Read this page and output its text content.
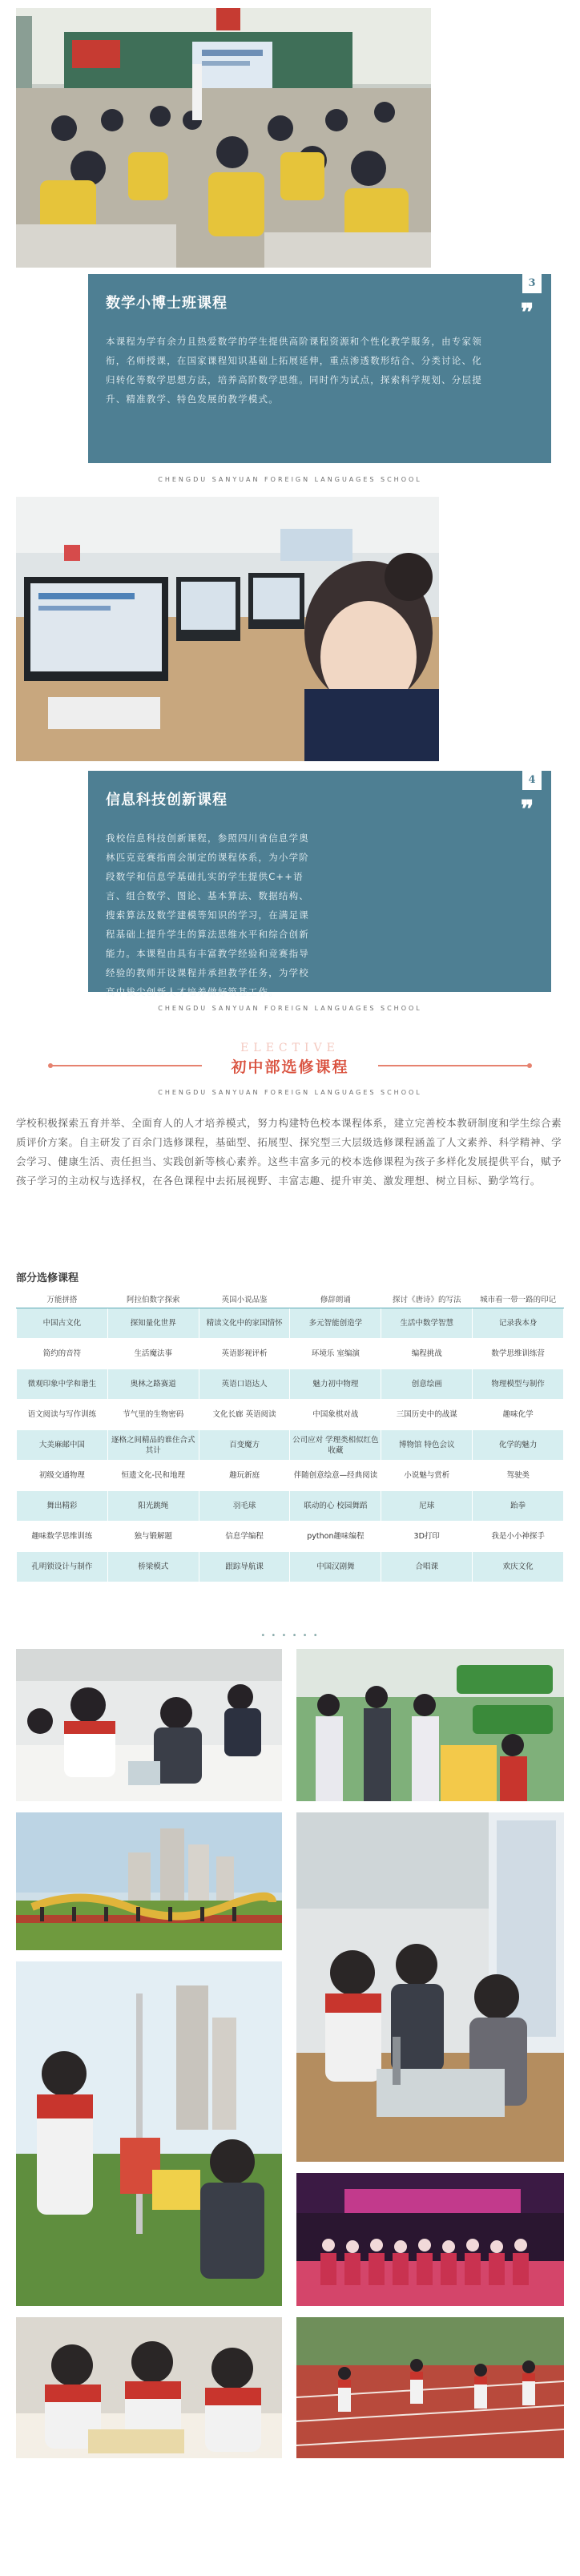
数学小博士班课程
本课程为学有余力且热爱数学的学生提供高阶课程资源和个性化教学服务，由专家领衔，名师授课，在国家课程知识基础上拓展延伸，重点渗透数形结合、分类讨论、化归转化等数学思想方法，培养高阶数学思维。同时作为试点，探索科学规划、分层提升、精准教学、特色发展的教学模式。
3
❞
CHENGDU SANYUAN FOREIGN LANGUAGES SCHOOL
信息科技创新课程
我校信息科技创新课程，参照四川省信息学奥林匹克竞赛指南会制定的课程体系，为小学阶段数学和信息学基础扎实的学生提供C++语言、组合数学、图论、基本算法、数据结构、搜索算法及数学建模等知识的学习，在满足课程基础上提升学生的算法思维水平和综合创新能力。本课程由具有丰富教学经验和竞赛指导经验的教师开设课程并承担教学任务，为学校高中拔尖创新人才培养做好筑基工作。
4
❞
CHENGDU SANYUAN FOREIGN LANGUAGES SCHOOL
ELECTIVE
初中部选修课程
CHENGDU SANYUAN FOREIGN LANGUAGES SCHOOL
学校积极探索五育并举、全面育人的人才培养模式，努力构建特色校本课程体系，建立完善校本教研制度和学生综合素质评价方案。自主研发了百余门选修课程，基础型、拓展型、探究型三大层级选修课程涵盖了人文素养、科学精神、学会学习、健康生活、责任担当、实践创新等核心素养。这些丰富多元的校本选修课程为孩子多样化发展提供平台，赋予孩子学习的主动权与选择权，在各色课程中去拓展视野、丰富志趣、提升审美、激发理想、树立目标、勤学笃行。
部分选修课程
万能拼搭	阿拉伯数字探索	英国小说品鉴	修辞朗诵	探讨《唐诗》的写法	城市看一带一路的印记
中国古文化	探知量化世界	精读文化中的家国情怀	多元智能创造学	生活中数学智慧	记录我本身
简约的音符	生活魔法事	英语影视评析	环境乐 室编演	编程挑战	数学思维训练营
微观印象中学和谐生	奥林之路赛道	英语口语达人	魅力初中物理	创意绘画	物理模型与制作
语文阅读与写作训练	节气里的生物密码	文化长廊 英语阅读	中国象棋对战	三国历史中的战谋	趣味化学
大美麻邮中国	逐格之间精品的谁住合式其计	百变魔方	公司应对 学理类相似红色收藏	博物馆 特色会议	化学的魅力
初级交通物理	恒遗文化-民和地理	趣玩新庭	伴随创意绘意—经典阅读	小说魅与赏析	驾驶类
舞出精彩	阳光跳绳	羽毛球	联动的心 校园舞蹈	尼球	跆拳
趣味数学思维训练	独与锻解题	信息学编程	python趣味编程	3D打印	我是小小神探手
孔明锁设计与制作	桥梁模式	跟踪导航课	中国汉剧舞	合唱课	欢庆文化
• • • • • •
